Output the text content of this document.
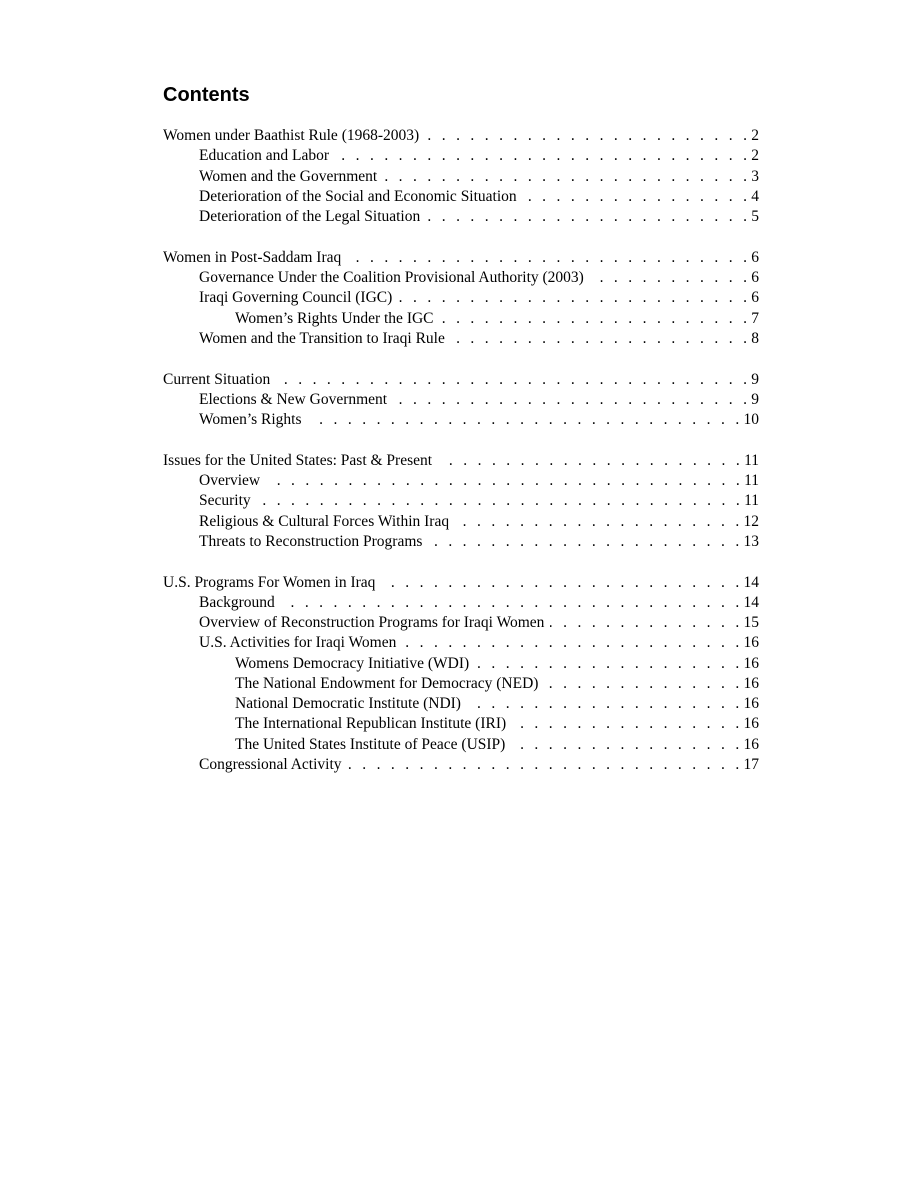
Contents
Women under Baathist Rule (1968-2003) . . .	2
Education and Labor . . .	2
Women and the Government . . .	3
Deterioration of the Social and Economic Situation . . .	4
Deterioration of the Legal Situation . . .	5
Women in Post-Saddam Iraq . . .	6
Governance Under the Coalition Provisional Authority (2003) . . .	6
Iraqi Governing Council (IGC) . . .	6
Women’s Rights Under the IGC . . .	7
Women and the Transition to Iraqi Rule . . .	8
Current Situation . . .	9
Elections & New Government . . .	9
Women’s Rights . . .	10
Issues for the United States: Past & Present . . .	11
Overview . . .	11
Security . . .	11
Religious & Cultural Forces Within Iraq . . .	12
Threats to Reconstruction Programs . . .	13
U.S. Programs For Women in Iraq . . .	14
Background . . .	14
Overview of Reconstruction Programs for Iraqi Women . . .	15
U.S. Activities for Iraqi Women . . .	16
Womens Democracy Initiative (WDI) . . .	16
The National Endowment for Democracy (NED) . . .	16
National Democratic Institute (NDI) . . .	16
The International Republican Institute (IRI) . . .	16
The United States Institute of Peace (USIP) . . .	16
Congressional Activity . . .	17
